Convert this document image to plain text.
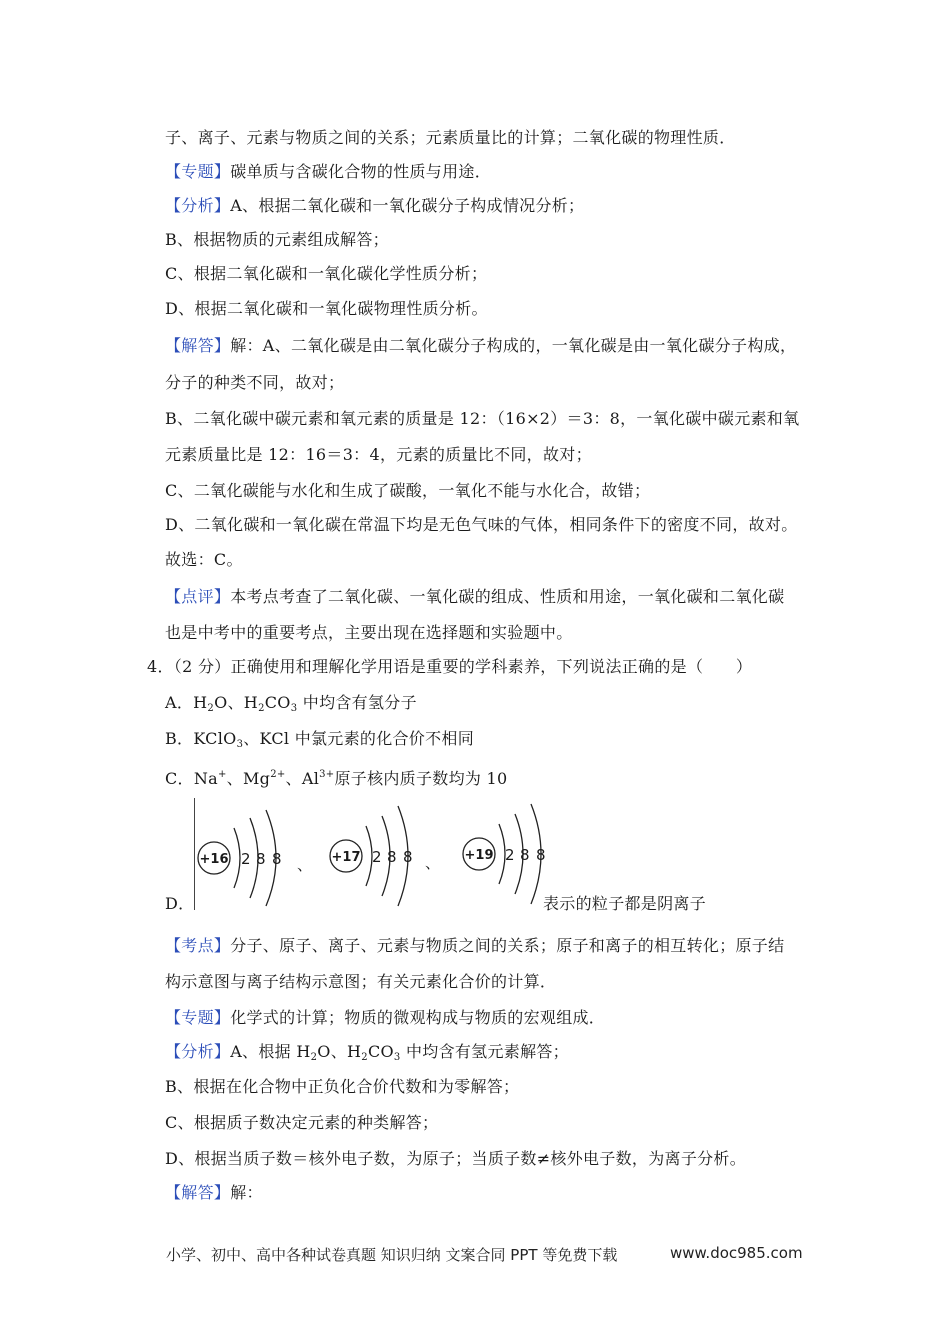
子、离子、元素与物质之间的关系；元素质量比的计算；二氧化碳的物理性质．
【专题】碳单质与含碳化合物的性质与用途．
【分析】A、根据二氧化碳和一氧化碳分子构成情况分析；
B、根据物质的元素组成解答；
C、根据二氧化碳和一氧化碳化学性质分析；
D、根据二氧化碳和一氧化碳物理性质分析。
【解答】解：A、二氧化碳是由二氧化碳分子构成的，一氧化碳是由一氧化碳分子构成，
分子的种类不同，故对；
B、二氧化碳中碳元素和氧元素的质量是 12：（16×2）＝3：8，一氧化碳中碳元素和氧
元素质量比是 12：16＝3：4，元素的质量比不同，故对；
C、二氧化碳能与水化和生成了碳酸，一氧化不能与水化合，故错；
D、二氧化碳和一氧化碳在常温下均是无色气味的气体，相同条件下的密度不同，故对。
故选：C。
【点评】本考点考查了二氧化碳、一氧化碳的组成、性质和用途，一氧化碳和二氧化碳
也是中考中的重要考点，主要出现在选择题和实验题中。
4．（2 分）正确使用和理解化学用语是重要的学科素养，下列说法正确的是（　　）
A．$H_2O$、$H_2CO_3$ 中均含有氢分子
B．KClO$_3$、KCl 中氯元素的化合价不相同
C．Na+、$Mg^{2+}$、$Al^{3+}$原子核内质子数均为 10
+16 2 8 8 、 +17 2 8 8 、 +19 2 8 8
D．	表示的粒子都是阴离子
【考点】分子、原子、离子、元素与物质之间的关系；原子和离子的相互转化；原子结
构示意图与离子结构示意图；有关元素化合价的计算．
【专题】化学式的计算；物质的微观构成与物质的宏观组成．
【分析】A、根据 $H_2O$、$H_2CO_3$ 中均含有氢元素解答；
B、根据在化合物中正负化合价代数和为零解答；
C、根据质子数决定元素的种类解答；
D、根据当质子数＝核外电子数，为原子；当质子数≠核外电子数，为离子分析。
【解答】解：
小学、初中、高中各种试卷真题 知识归纳 文案合同 PPT 等免费下载	www.doc985.com
